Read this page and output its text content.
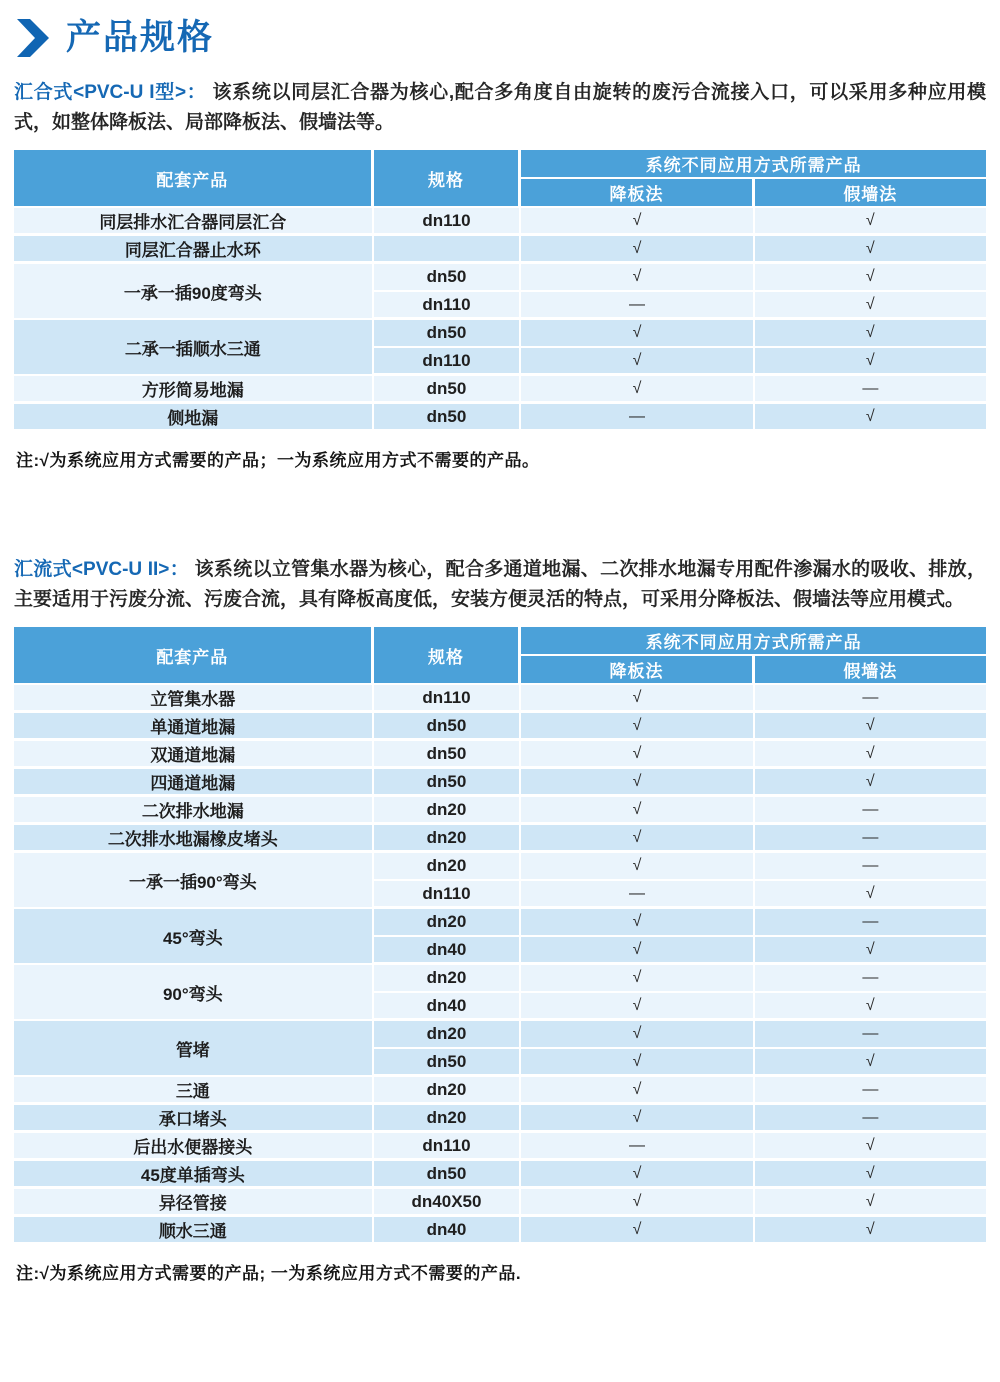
产品规格

汇合式<PVC-U I型>： 该系统以同层汇合器为核心,配合多角度自由旋转的废污合流接入口，可以采用多种应用模式，如整体降板法、局部降板法、假墙法等。

配套产品	规格	系统不同应用方式所需产品	
		降板法	假墙法
同层排水汇合器同层汇合	dn110	√	√
同层汇合器止水环		√	√
一承一插90度弯头	dn50	√	√
	dn110	—	√
二承一插顺水三通	dn50	√	√
	dn110	√	√
方形简易地漏	dn50	√	—
侧地漏	dn50	—	√

注:√为系统应用方式需要的产品；一为系统应用方式不需要的产品。

汇流式<PVC-U II>： 该系统以立管集水器为核心，配合多通道地漏、二次排水地漏专用配件渗漏水的吸收、排放，主要适用于污废分流、污废合流，具有降板高度低，安装方便灵活的特点，可采用分降板法、假墙法等应用模式。

配套产品	规格	系统不同应用方式所需产品	
		降板法	假墙法
立管集水器	dn110	√	—
单通道地漏	dn50	√	√
双通道地漏	dn50	√	√
四通道地漏	dn50	√	√
二次排水地漏	dn20	√	—
二次排水地漏橡皮堵头	dn20	√	—
一承一插90°弯头	dn20	√	—
	dn110	—	√
45°弯头	dn20	√	—
	dn40	√	√
90°弯头	dn20	√	—
	dn40	√	√
管堵	dn20	√	—
	dn50	√	√
三通	dn20	√	—
承口堵头	dn20	√	—
后出水便器接头	dn110	—	√
45度单插弯头	dn50	√	√
异径管接	dn40X50	√	√
顺水三通	dn40	√	√

注:√为系统应用方式需要的产品; 一为系统应用方式不需要的产品.
